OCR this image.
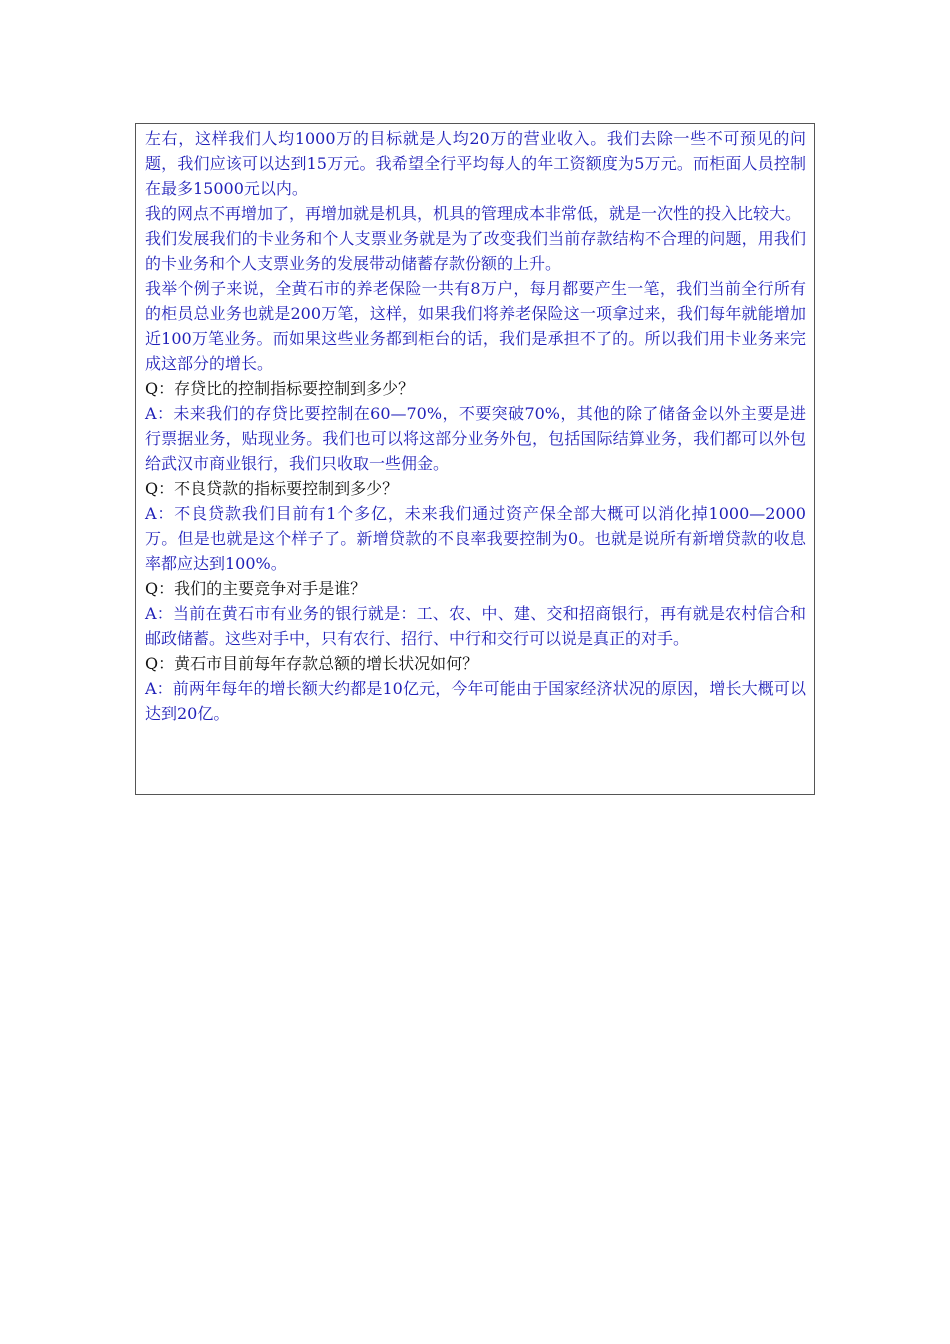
左右，这样我们人均1000万的目标就是人均20万的营业收入。我们去除一些不可预见的问题，我们应该可以达到15万元。我希望全行平均每人的年工资额度为5万元。而柜面人员控制在最多15000元以内。

我的网点不再增加了，再增加就是机具，机具的管理成本非常低，就是一次性的投入比较大。

我们发展我们的卡业务和个人支票业务就是为了改变我们当前存款结构不合理的问题，用我们的卡业务和个人支票业务的发展带动储蓄存款份额的上升。

我举个例子来说，全黄石市的养老保险一共有8万户，每月都要产生一笔，我们当前全行所有的柜员总业务也就是200万笔，这样，如果我们将养老保险这一项拿过来，我们每年就能增加近100万笔业务。而如果这些业务都到柜台的话，我们是承担不了的。所以我们用卡业务来完成这部分的增长。

Q：存贷比的控制指标要控制到多少？

A：未来我们的存贷比要控制在60—70%，不要突破70%，其他的除了储备金以外主要是进行票据业务，贴现业务。我们也可以将这部分业务外包，包括国际结算业务，我们都可以外包给武汉市商业银行，我们只收取一些佣金。

Q：不良贷款的指标要控制到多少？

A：不良贷款我们目前有1个多亿，未来我们通过资产保全部大概可以消化掉1000—2000万。但是也就是这个样子了。新增贷款的不良率我要控制为0。也就是说所有新增贷款的收息率都应达到100%。

Q：我们的主要竞争对手是谁？

A：当前在黄石市有业务的银行就是：工、农、中、建、交和招商银行，再有就是农村信合和邮政储蓄。这些对手中，只有农行、招行、中行和交行可以说是真正的对手。

Q：黄石市目前每年存款总额的增长状况如何？

A：前两年每年的增长额大约都是10亿元，今年可能由于国家经济状况的原因，增长大概可以达到20亿。
